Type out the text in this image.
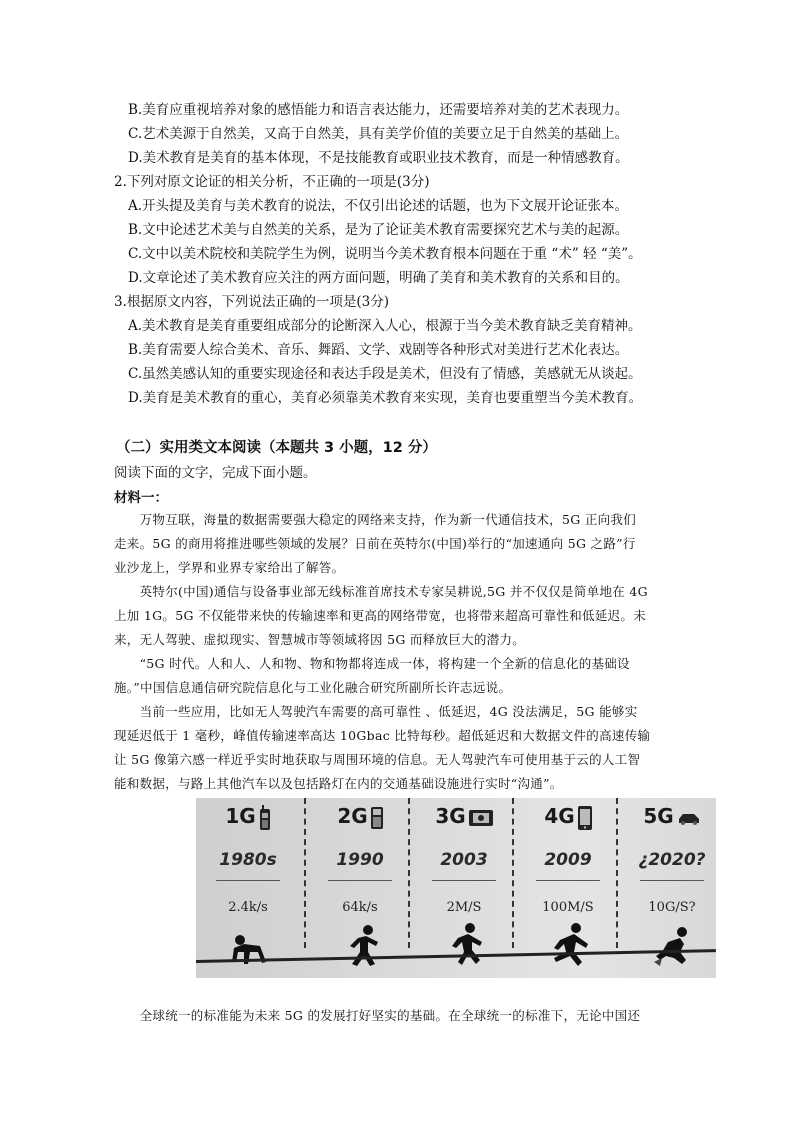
B.美育应重视培养对象的感悟能力和语言表达能力，还需要培养对美的艺术表现力。
C.艺术美源于自然美，又高于自然美，具有美学价值的美要立足于自然美的基础上。
D.美术教育是美育的基本体现，不是技能教育或职业技术教育，而是一种情感教育。
2.下列对原文论证的相关分析，不正确的一项是(3分)
A.开头提及美育与美术教育的说法，不仅引出论述的话题，也为下文展开论证张本。
B.文中论述艺术美与自然美的关系，是为了论证美术教育需要探究艺术与美的起源。
C.文中以美术院校和美院学生为例，说明当今美术教育根本问题在于重 “术” 轻 “美”。
D.文章论述了美术教育应关注的两方面问题，明确了美育和美术教育的关系和目的。
3.根据原文内容，下列说法正确的一项是(3分)
A.美术教育是美育重要组成部分的论断深入人心，根源于当今美术教育缺乏美育精神。
B.美育需要人综合美术、音乐、舞蹈、文学、戏剧等各种形式对美进行艺术化表达。
C.虽然美感认知的重要实现途径和表达手段是美术，但没有了情感，美感就无从谈起。
D.美育是美术教育的重心，美育必须靠美术教育来实现，美育也要重塑当今美术教育。
（二）实用类文本阅读（本题共 3 小题，12 分）
阅读下面的文字，完成下面小题。
材料一：
　　万物互联，海量的数据需要强大稳定的网络来支持，作为新一代通信技术，5G 正向我们
走来。5G 的商用将推进哪些领域的发展？日前在英特尔(中国)举行的“加速通向 5G 之路”行
业沙龙上，学界和业界专家给出了解答。
　　英特尔(中国)通信与设备事业部无线标准首席技术专家吴耕说,5G 并不仅仅是简单地在 4G
上加 1G。5G 不仅能带来快的传输速率和更高的网络带宽，也将带来超高可靠性和低延迟。未
来，无人驾驶、虚拟现实、智慧城市等领域将因 5G 而释放巨大的潜力。
　　“5G 时代。人和人、人和物、物和物都将连成一体，将构建一个全新的信息化的基础设
施。”中国信息通信研究院信息化与工业化融合研究所副所长许志远说。
　　当前一些应用，比如无人驾驶汽车需要的高可靠性 、低延迟，4G 没法满足，5G 能够实
现延迟低于 1 毫秒，峰值传输速率高达 10Gbac 比特每秒。超低延迟和大数据文件的高速传输
让 5G 像第六感一样近乎实时地获取与周围环境的信息。无人驾驶汽车可使用基于云的人工智
能和数据，与路上其他汽车以及包括路灯在内的交通基础设施进行实时“沟通”。
1G
1980s
2.4k/s
2G
1990
64k/s
3G
2003
2M/S
4G
2009
100M/S
5G
¿2020?
10G/S?
　　全球统一的标准能为未来 5G 的发展打好坚实的基础。在全球统一的标准下，无论中国还
